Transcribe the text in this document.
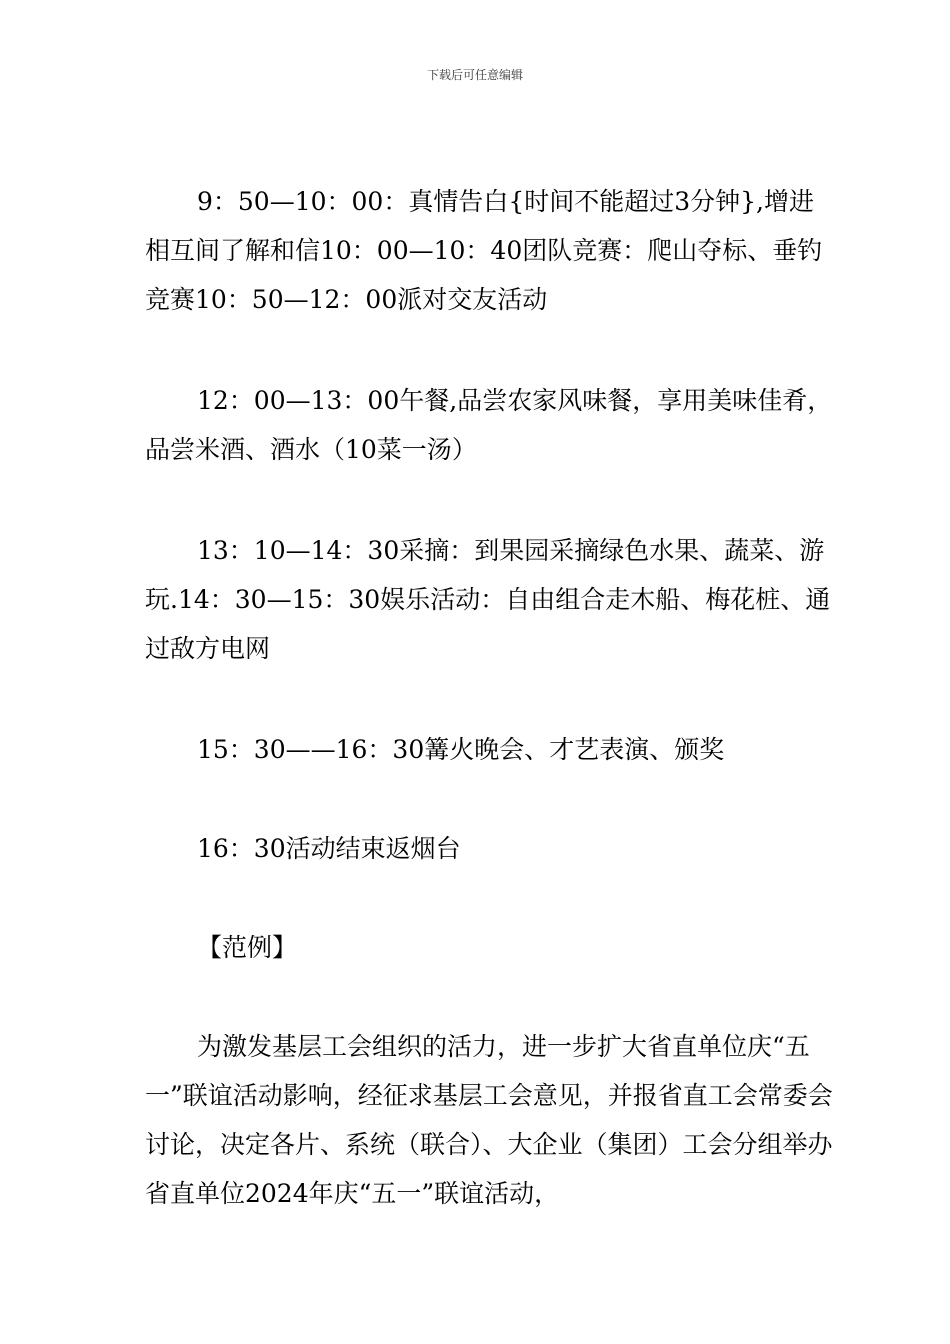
下载后可任意编辑

9：50—10：00：真情告白{时间不能超过3分钟},增进相互间了解和信10：00—10：40团队竞赛：爬山夺标、垂钓竞赛10：50—12：00派对交友活动

12：00—13：00午餐,品尝农家风味餐，享用美味佳肴，品尝米酒、酒水（10菜一汤）

13：10—14：30采摘：到果园采摘绿色水果、蔬菜、游玩.14：30—15：30娱乐活动：自由组合走木船、梅花桩、通过敌方电网

15：30——16：30篝火晚会、才艺表演、颁奖

16：30活动结束返烟台

【范例】

为激发基层工会组织的活力，进一步扩大省直单位庆“五一”联谊活动影响，经征求基层工会意见，并报省直工会常委会讨论，决定各片、系统（联合）、大企业（集团）工会分组举办省直单位2024年庆“五一”联谊活动，
